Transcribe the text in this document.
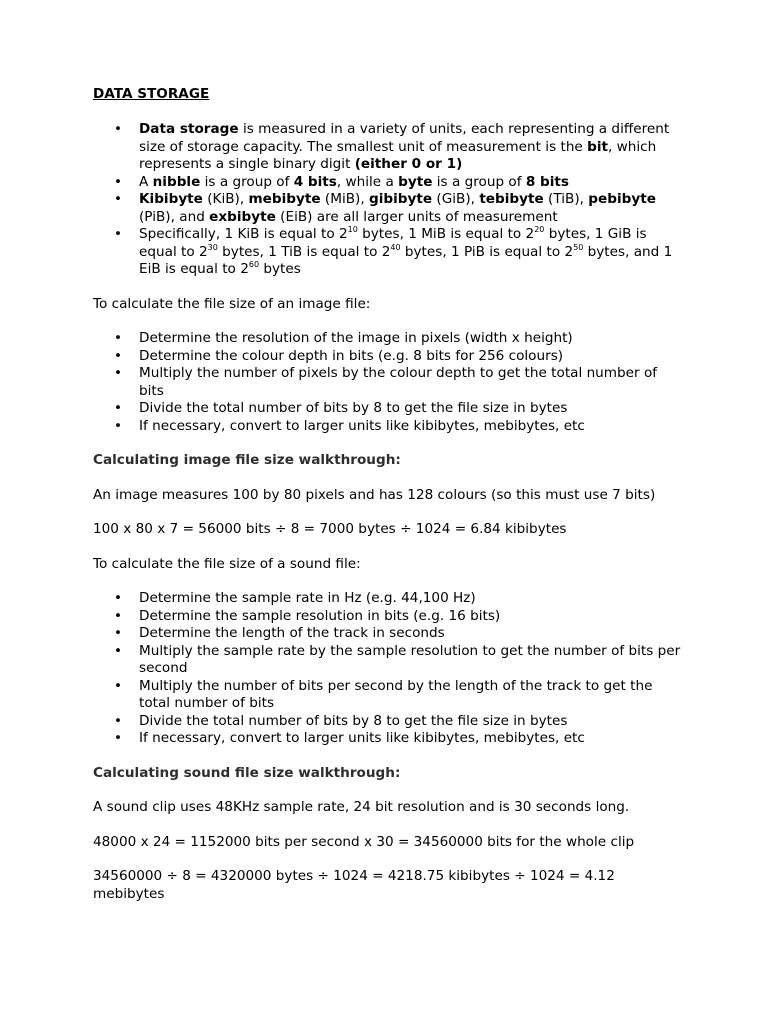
DATA STORAGE

• Data storage is measured in a variety of units, each representing a different size of storage capacity. The smallest unit of measurement is the bit, which represents a single binary digit (either 0 or 1)
• A nibble is a group of 4 bits, while a byte is a group of 8 bits
• Kibibyte (KiB), mebibyte (MiB), gibibyte (GiB), tebibyte (TiB), pebibyte (PiB), and exbibyte (EiB) are all larger units of measurement
• Specifically, 1 KiB is equal to $2^{10}$ bytes, 1 MiB is equal to $2^{20}$ bytes, 1 GiB is equal to $2^{30}$ bytes, 1 TiB is equal to $2^{40}$ bytes, 1 PiB is equal to $2^{50}$ bytes, and 1 EiB is equal to $2^{60}$ bytes

To calculate the file size of an image file:

• Determine the resolution of the image in pixels (width x height)
• Determine the colour depth in bits (e.g. 8 bits for 256 colours)
• Multiply the number of pixels by the colour depth to get the total number of bits
• Divide the total number of bits by 8 to get the file size in bytes
• If necessary, convert to larger units like kibibytes, mebibytes, etc

Calculating image file size walkthrough:

An image measures 100 by 80 pixels and has 128 colours (so this must use 7 bits)

100 x 80 x 7 = 56000 bits ÷ 8 = 7000 bytes ÷ 1024 = 6.84 kibibytes

To calculate the file size of a sound file:

• Determine the sample rate in Hz (e.g. 44,100 Hz)
• Determine the sample resolution in bits (e.g. 16 bits)
• Determine the length of the track in seconds
• Multiply the sample rate by the sample resolution to get the number of bits per second
• Multiply the number of bits per second by the length of the track to get the total number of bits
• Divide the total number of bits by 8 to get the file size in bytes
• If necessary, convert to larger units like kibibytes, mebibytes, etc

Calculating sound file size walkthrough:

A sound clip uses 48KHz sample rate, 24 bit resolution and is 30 seconds long.

48000 x 24 = 1152000 bits per second x 30 = 34560000 bits for the whole clip

34560000 ÷ 8 = 4320000 bytes ÷ 1024 = 4218.75 kibibytes ÷ 1024 = 4.12 mebibytes
